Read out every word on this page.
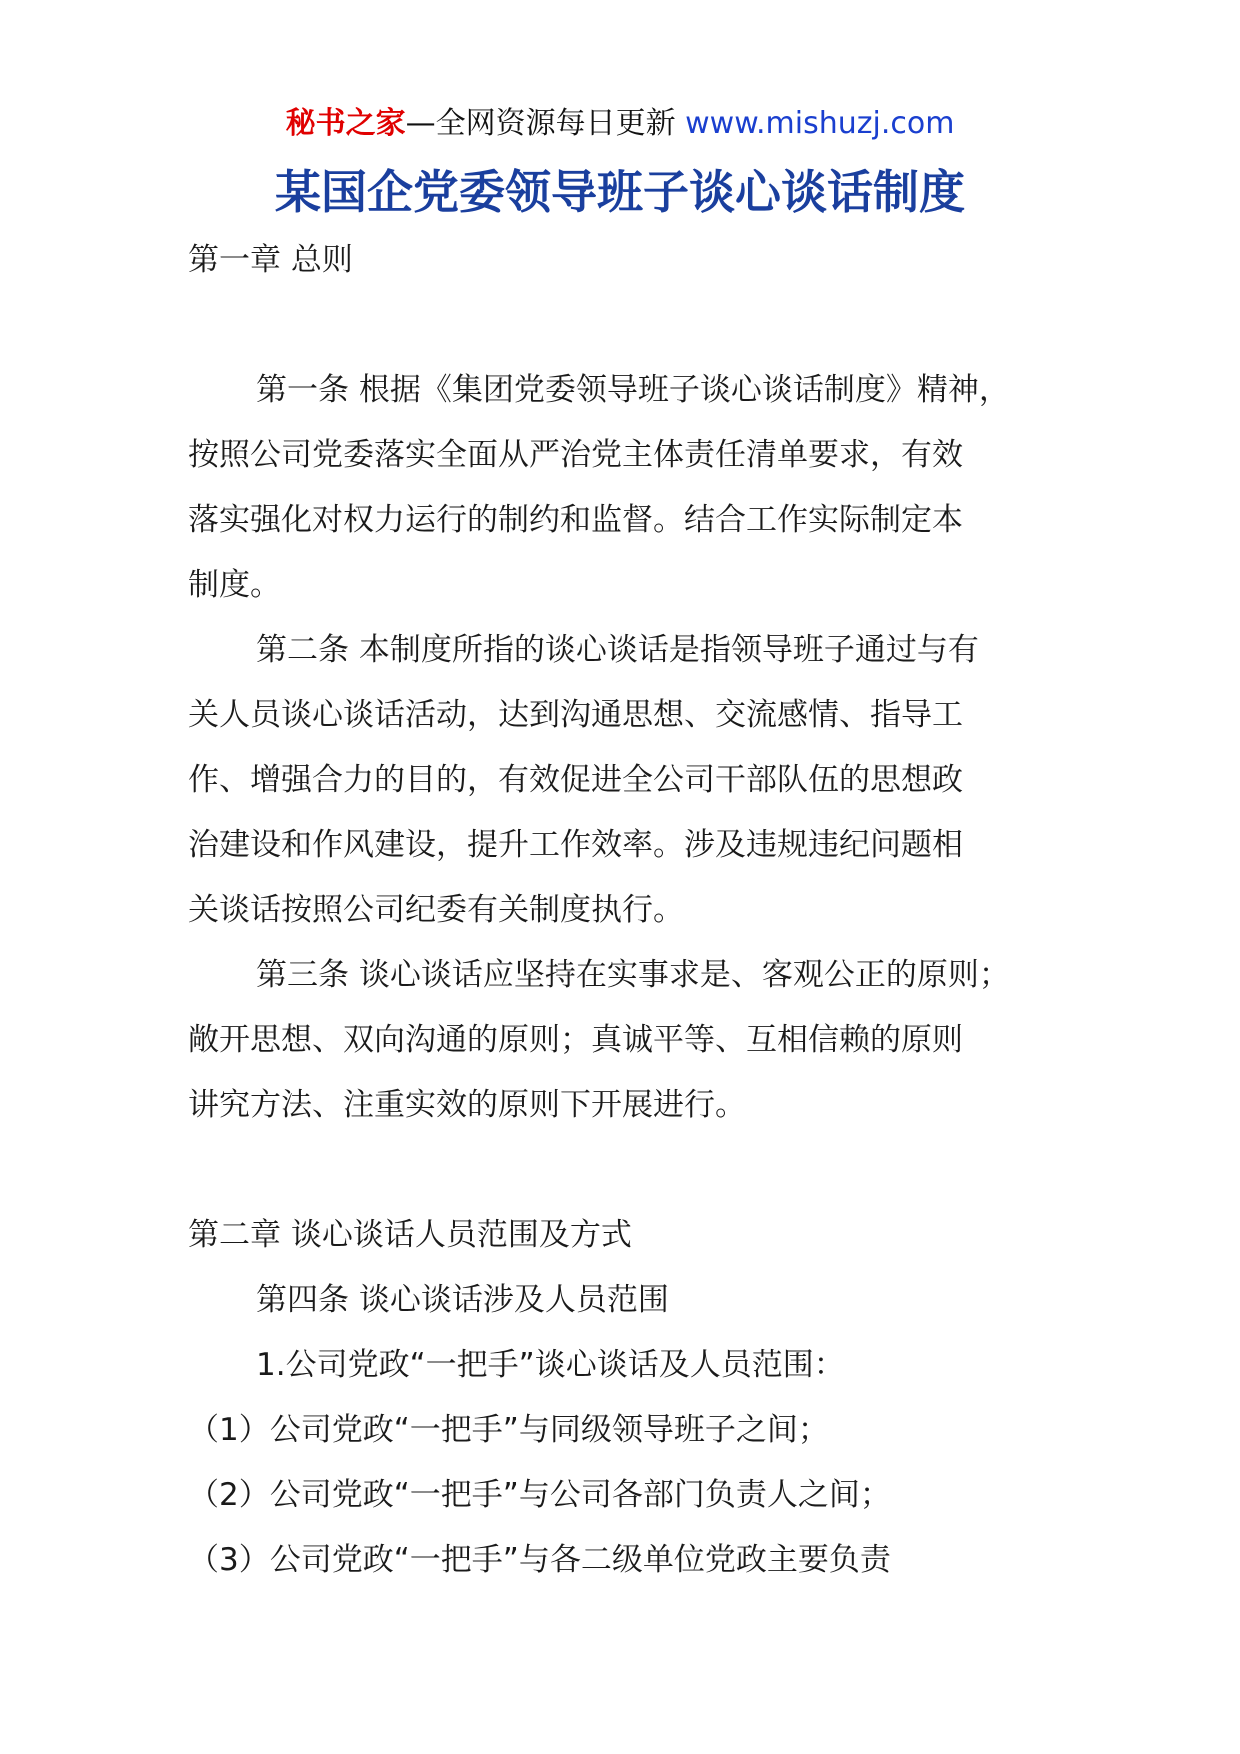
秘书之家—全网资源每日更新 www.mishuzj.com
某国企党委领导班子谈心谈话制度

第一章 总则

第一条 根据《集团党委领导班子谈心谈话制度》精神，

按照公司党委落实全面从严治党主体责任清单要求，有效

落实强化对权力运行的制约和监督。结合工作实际制定本

制度。

第二条 本制度所指的谈心谈话是指领导班子通过与有

关人员谈心谈话活动，达到沟通思想、交流感情、指导工

作、增强合力的目的，有效促进全公司干部队伍的思想政

治建设和作风建设，提升工作效率。涉及违规违纪问题相

关谈话按照公司纪委有关制度执行。

第三条 谈心谈话应坚持在实事求是、客观公正的原则；

敞开思想、双向沟通的原则；真诚平等、互相信赖的原则

讲究方法、注重实效的原则下开展进行。

第二章 谈心谈话人员范围及方式

第四条 谈心谈话涉及人员范围

1.公司党政“一把手”谈心谈话及人员范围：

（1）公司党政“一把手”与同级领导班子之间；

（2）公司党政“一把手”与公司各部门负责人之间；

（3）公司党政“一把手”与各二级单位党政主要负责
